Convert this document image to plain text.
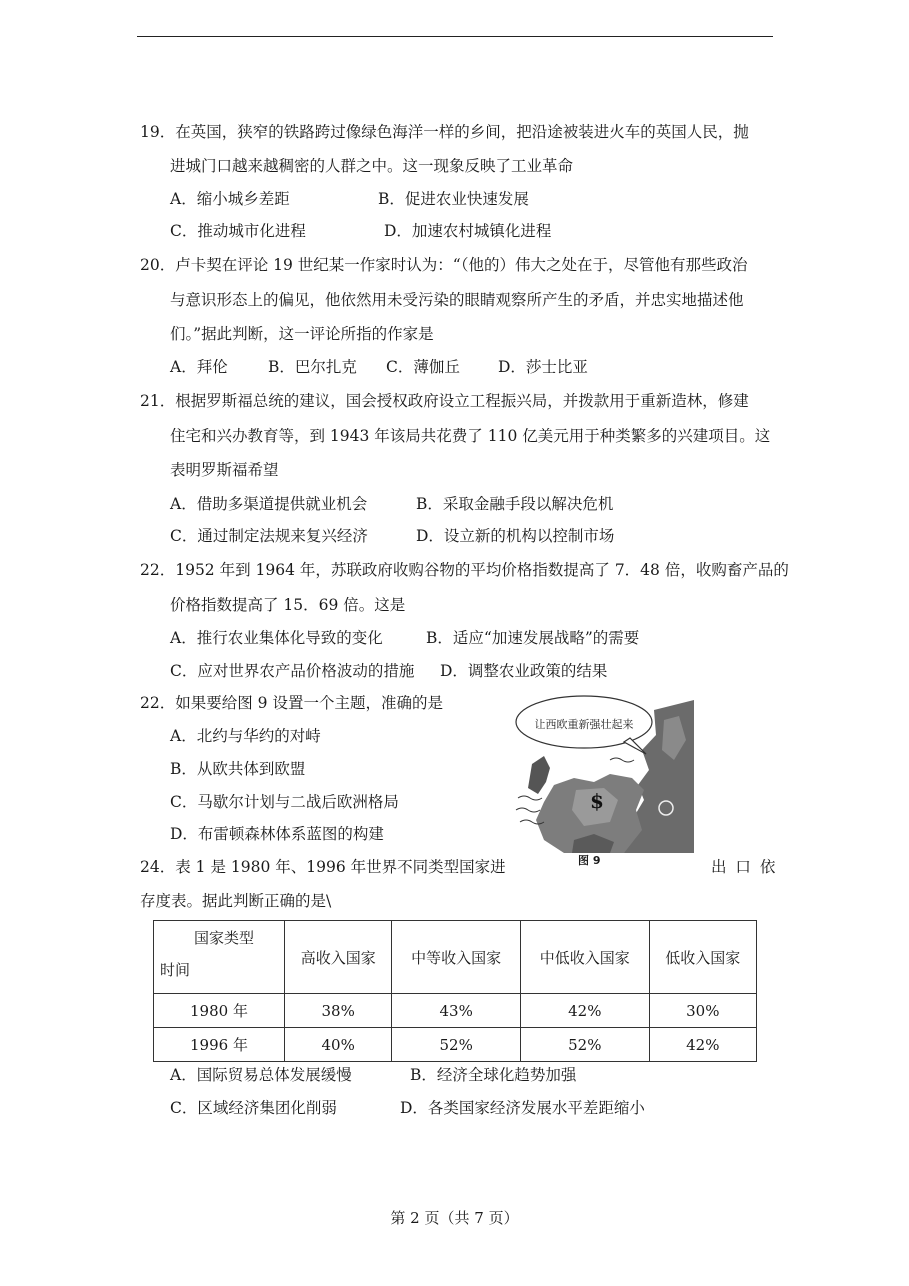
19．在英国，狭窄的铁路跨过像绿色海洋一样的乡间，把沿途被装进火车的英国人民，抛
进城门口越来越稠密的人群之中。这一现象反映了工业革命
A．缩小城乡差距	B．促进农业快速发展
C．推动城市化进程	D．加速农村城镇化进程
20．卢卡契在评论 19 世纪某一作家时认为：“（他的）伟大之处在于，尽管他有那些政治
与意识形态上的偏见，他依然用未受污染的眼睛观察所产生的矛盾，并忠实地描述他
们。”据此判断，这一评论所指的作家是
A．拜伦	B．巴尔扎克 C．薄伽丘 D．莎士比亚
21．根据罗斯福总统的建议，国会授权政府设立工程振兴局，并拨款用于重新造林，修建
住宅和兴办教育等，到 1943 年该局共花费了 110 亿美元用于种类繁多的兴建项目。这
表明罗斯福希望
A．借助多渠道提供就业机会	B．采取金融手段以解决危机
C．通过制定法规来复兴经济	D．设立新的机构以控制市场
22．1952 年到 1964 年，苏联政府收购谷物的平均价格指数提高了 7．48 倍，收购畜产品的
价格指数提高了 15．69 倍。这是
A．推行农业集体化导致的变化	B．适应“加速发展战略”的需要
C．应对世界农产品价格波动的措施 D．调整农业政策的结果
22．如果要给图 9 设置一个主题，准确的是
A．北约与华约的对峙
B．从欧共体到欧盟
C．马歇尔计划与二战后欧洲格局
D．布雷顿森林体系蓝图的构建
让西欧重新强壮起来
$
图 9
24．表 1 是 1980 年、1996 年世界不同类型国家进	出 口 依
存度表。据此判断正确的是\
国家类型
时间	高收入国家	中等收入国家	中低收入国家	低收入国家
1980 年	38%	43%	42%	30%
1996 年	40%	52%	52%	42%
A．国际贸易总体发展缓慢	B．经济全球化趋势加强
C．区域经济集团化削弱	D．各类国家经济发展水平差距缩小
第 2 页（共 7 页）
